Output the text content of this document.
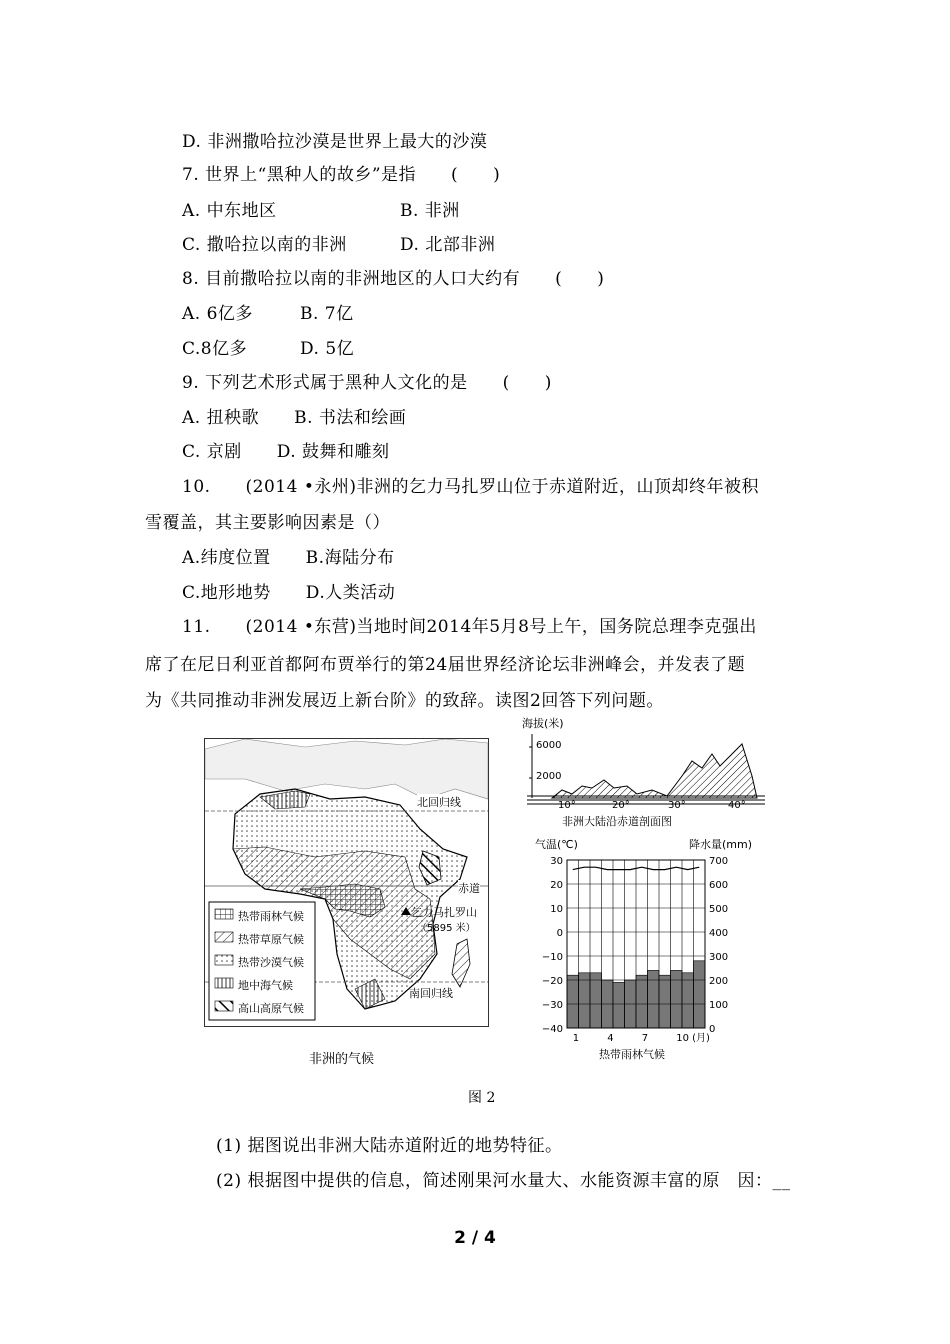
D. 非洲撒哈拉沙漠是世界上最大的沙漠
7. 世界上“黑种人的故乡”是指　　(　　)
A. 中东地区	B. 非洲
C. 撒哈拉以南的非洲	D. 北部非洲
8. 目前撒哈拉以南的非洲地区的人口大约有　　(　　)
A. 6亿多	B. 7亿
C.8亿多	D. 5亿
9. 下列艺术形式属于黑种人文化的是　　(　　)
A. 扭秧歌　　B. 书法和绘画
C. 京剧　　D. 鼓舞和雕刻
10.　　(2014 •永州)非洲的乞力马扎罗山位于赤道附近，山顶却终年被积
雪覆盖，其主要影响因素是（）
A.纬度位置　　B.海陆分布
C.地形地势　　D.人类活动
11.　　(2014 •东营)当地时间2014年5月8号上午，国务院总理李克强出
席了在尼日利亚首都阿布贾举行的第24届世界经济论坛非洲峰会，并发表了题
为《共同推动非洲发展迈上新台阶》的致辞。读图2回答下列问题。
热带雨林气候
热带草原气候
热带沙漠气候
地中海气候
高山高原气候
北回归线
赤道
乞力马扎罗山
（5895 米）
南回归线
非洲的气候
海拔(米)
6000
2000
10°	20°	30°	40°
非洲大陆沿赤道剖面图
气温(℃)	降水量(mm)
30
20
10
0
−10
−20
−30
−40
700
600
500
400
300
200
100
0
1	4	7	10 (月)
热带雨林气候
图 2
(1) 据图说出非洲大陆赤道附近的地势特征。
(2) 根据图中提供的信息，简述刚果河水量大、水能资源丰富的原　因：__
2 / 4
